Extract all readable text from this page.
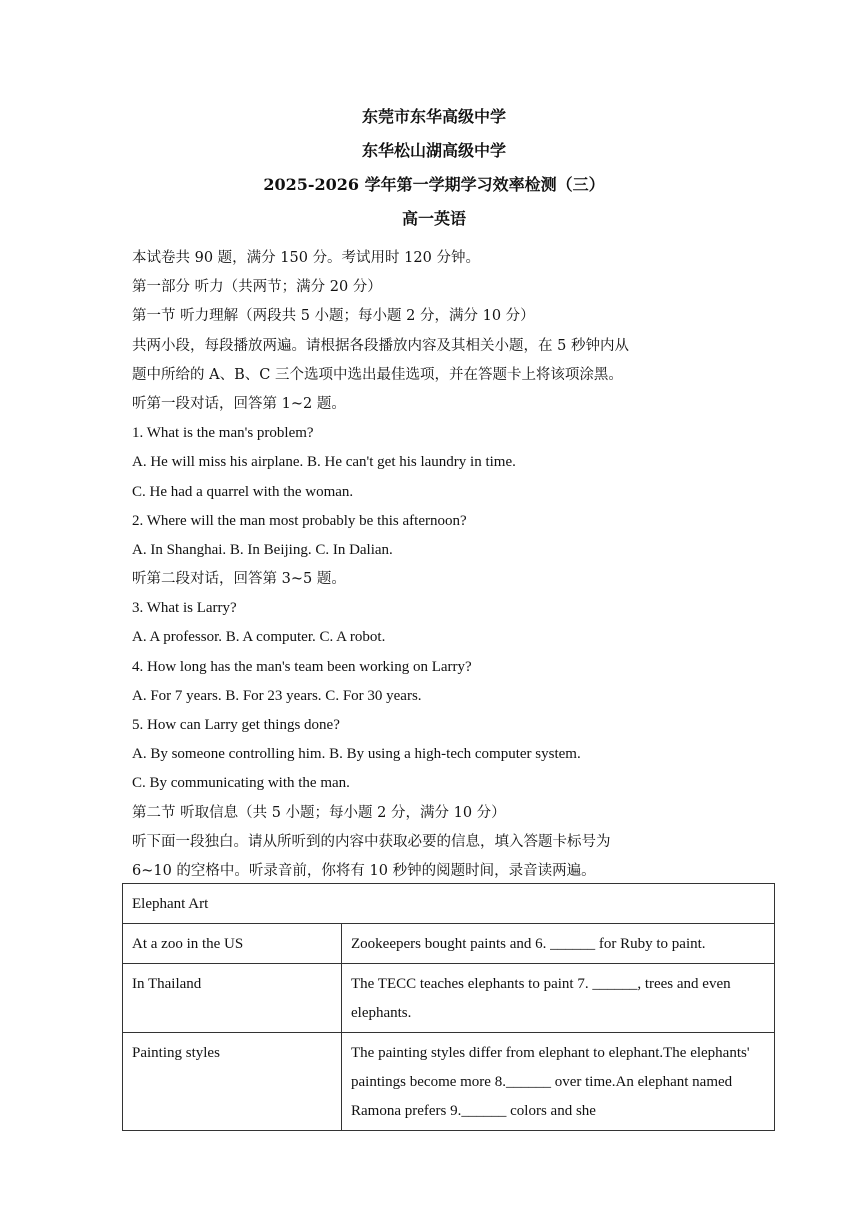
东莞市东华高级中学
东华松山湖高级中学
2025-2026 学年第一学期学习效率检测（三）
高一英语
本试卷共 90 题，满分 150 分。考试用时 120 分钟。
第一部分 听力（共两节；满分 20 分）
第一节 听力理解（两段共 5 小题；每小题 2 分，满分 10 分）
共两小段，每段播放两遍。请根据各段播放内容及其相关小题，在 5 秒钟内从
题中所给的 A、B、C 三个选项中选出最佳选项，并在答题卡上将该项涂黑。
听第一段对话，回答第 1~2 题。
1. What is the man's problem?
A. He will miss his airplane. B. He can't get his laundry in time.
C. He had a quarrel with the woman.
2. Where will the man most probably be this afternoon?
A. In Shanghai. B. In Beijing. C. In Dalian.
听第二段对话，回答第 3~5 题。
3. What is Larry?
A. A professor. B. A computer. C. A robot.
4. How long has the man's team been working on Larry?
A. For 7 years. B. For 23 years. C. For 30 years.
5. How can Larry get things done?
A. By someone controlling him. B. By using a high-tech computer system.
C. By communicating with the man.
第二节 听取信息（共 5 小题；每小题 2 分，满分 10 分）
听下面一段独白。请从所听到的内容中获取必要的信息，填入答题卡标号为
6~10 的空格中。听录音前，你将有 10 秒钟的阅题时间，录音读两遍。
Elephant Art	
At a zoo in the US	Zookeepers bought paints and 6. ______ for Ruby to paint.
In Thailand	The TECC teaches elephants to paint 7. ______, trees and even elephants.
Painting styles	The painting styles differ from elephant to elephant.The elephants' paintings become more 8.______ over time.An elephant named Ramona prefers 9.______ colors and she
